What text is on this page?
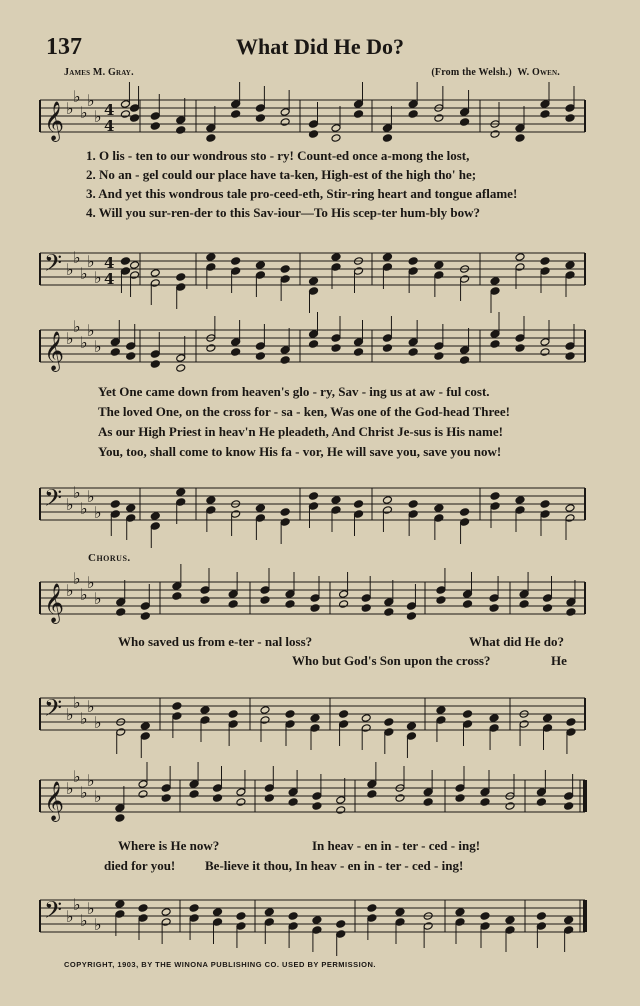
137	What Did He Do?
James M. Gray.	(From the Welsh.) W. Owen.
𝄞 ♭
♭
♭
♭
♭ 4
4
1. O lis - ten to our wondrous sto - ry! Count-ed once a-mong the lost,
2. No an - gel could our place have ta-ken, High-est of the high tho' he;
3. And yet this wondrous tale pro-ceed-eth, Stir-ring heart and tongue aflame!
4. Will you sur-ren-der to this Sav-iour—To His scep-ter hum-bly bow?
𝄢 ♭
♭
♭
♭
♭
4
4
𝄞 ♭
♭
♭
♭
♭
Yet One came down from heaven's glo - ry, Sav - ing us at aw - ful cost.
The loved One, on the cross for - sa - ken, Was one of the God-head Three!
As our High Priest in heav'n He pleadeth, And Christ Je-sus is His name!
You, too, shall come to know His fa - vor, He will save you, save you now!
𝄢 ♭
♭
♭
♭
♭
Chorus.
𝄞 ♭
♭
♭
♭
♭
Who saved us from e-ter - nal loss?	What did He do?
Who but God's Son upon the cross?	He
𝄢 ♭
♭
♭
♭
♭
𝄞 ♭
♭
♭
♭
♭
Where is He now?	In heav - en in - ter - ced - ing!
died for you! Be-lieve it thou, In heav - en in - ter - ced - ing!
𝄢 ♭
♭
♭
♭
♭
COPYRIGHT, 1903, BY THE WINONA PUBLISHING CO. USED BY PERMISSION.
